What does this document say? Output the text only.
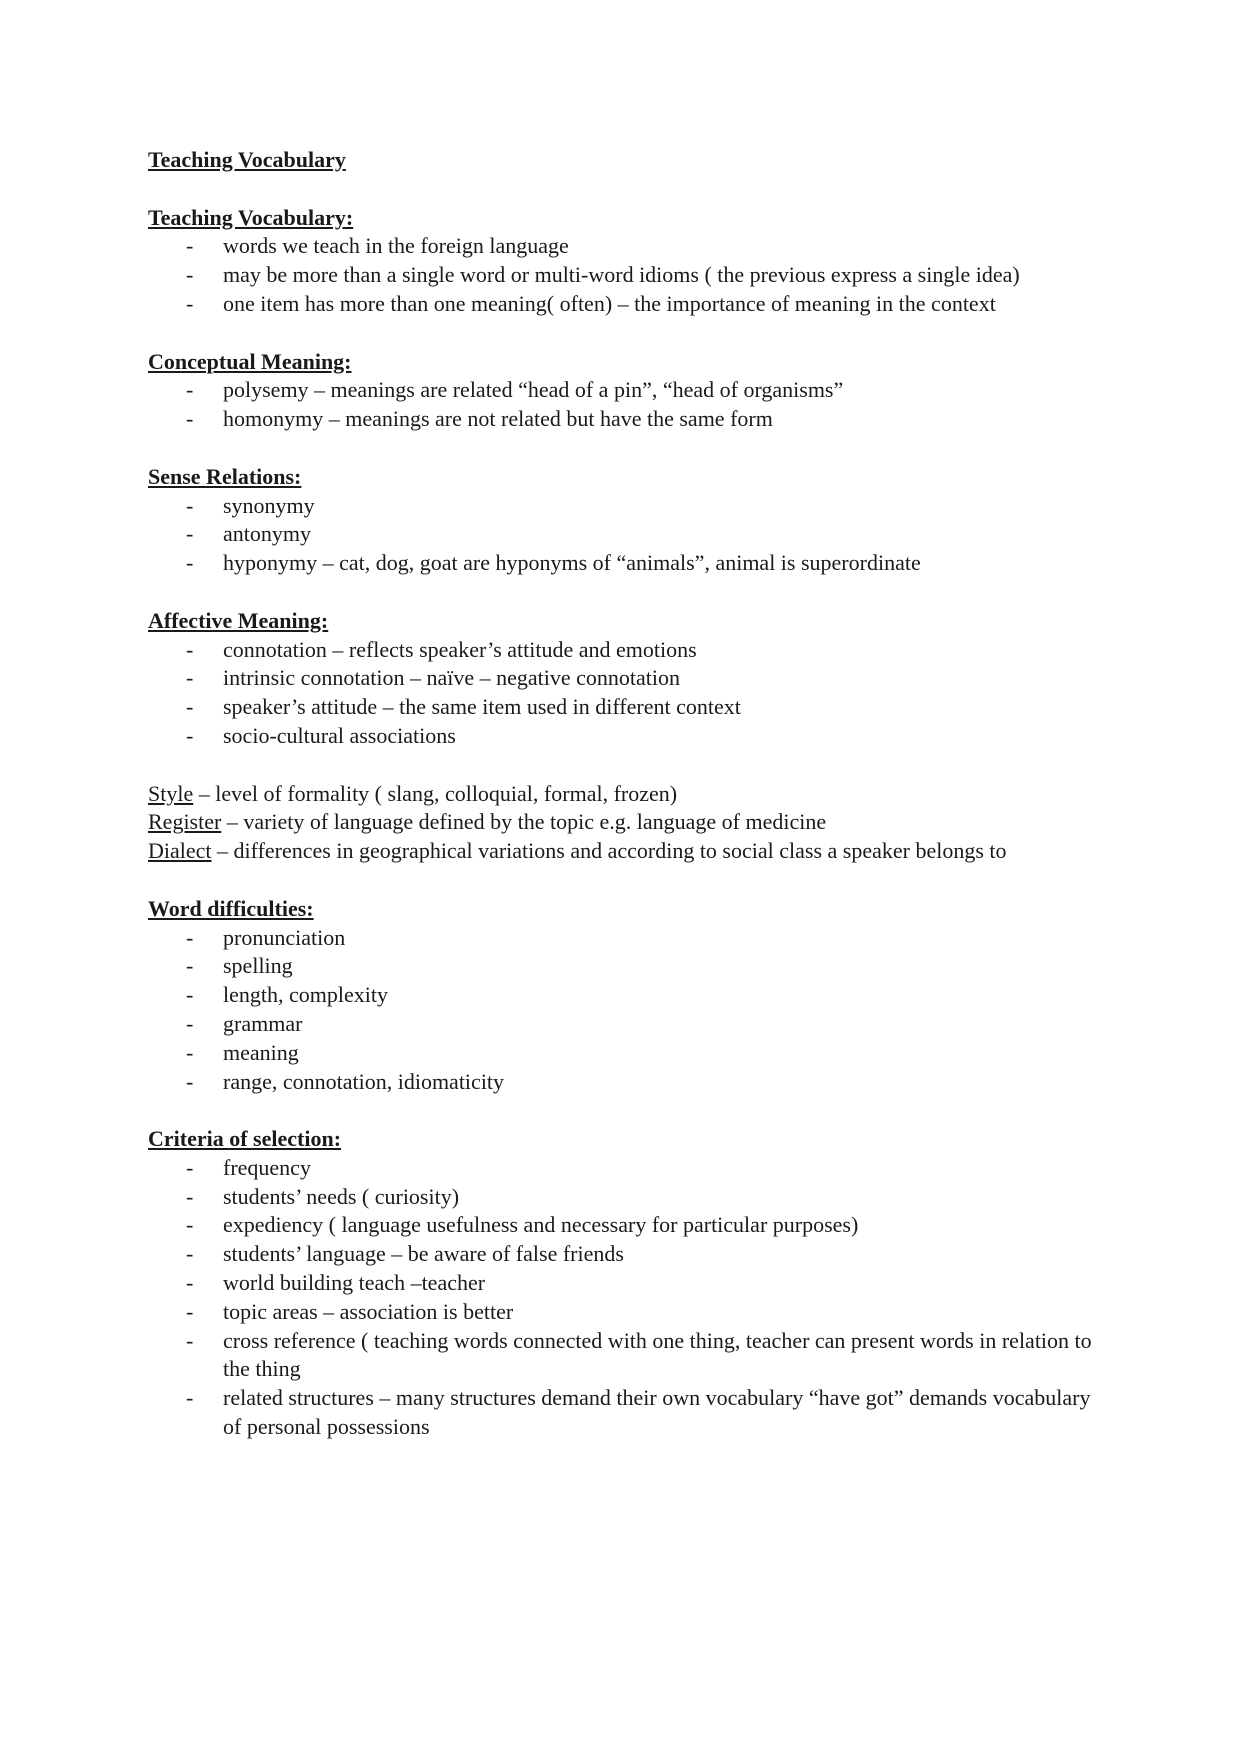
Teaching Vocabulary
Teaching Vocabulary:
- words we teach in the foreign language
- may be more than a single word or multi-word idioms ( the previous express a single idea)
- one item has more than one meaning( often) – the importance of meaning in the context
Conceptual Meaning:
- polysemy – meanings are related “head of a pin”, “head of organisms”
- homonymy – meanings are not related but have the same form
Sense Relations:
- synonymy
- antonymy
- hyponymy – cat, dog, goat are hyponyms of “animals”, animal is superordinate
Affective Meaning:
- connotation – reflects speaker’s attitude and emotions
- intrinsic connotation – naïve – negative connotation
- speaker’s attitude – the same item used in different context
- socio-cultural associations
Style – level of formality ( slang, colloquial, formal, frozen)
Register – variety of language defined by the topic e.g. language of medicine
Dialect – differences in geographical variations and according to social class a speaker belongs to
Word difficulties:
- pronunciation
- spelling
- length, complexity
- grammar
- meaning
- range, connotation, idiomaticity
Criteria of selection:
- frequency
- students’ needs ( curiosity)
- expediency ( language usefulness and necessary for particular purposes)
- students’ language – be aware of false friends
- world building teach –teacher
- topic areas – association is better
- cross reference ( teaching words connected with one thing, teacher can present words in relation to the thing
- related structures – many structures demand their own vocabulary “have got” demands vocabulary of personal possessions
